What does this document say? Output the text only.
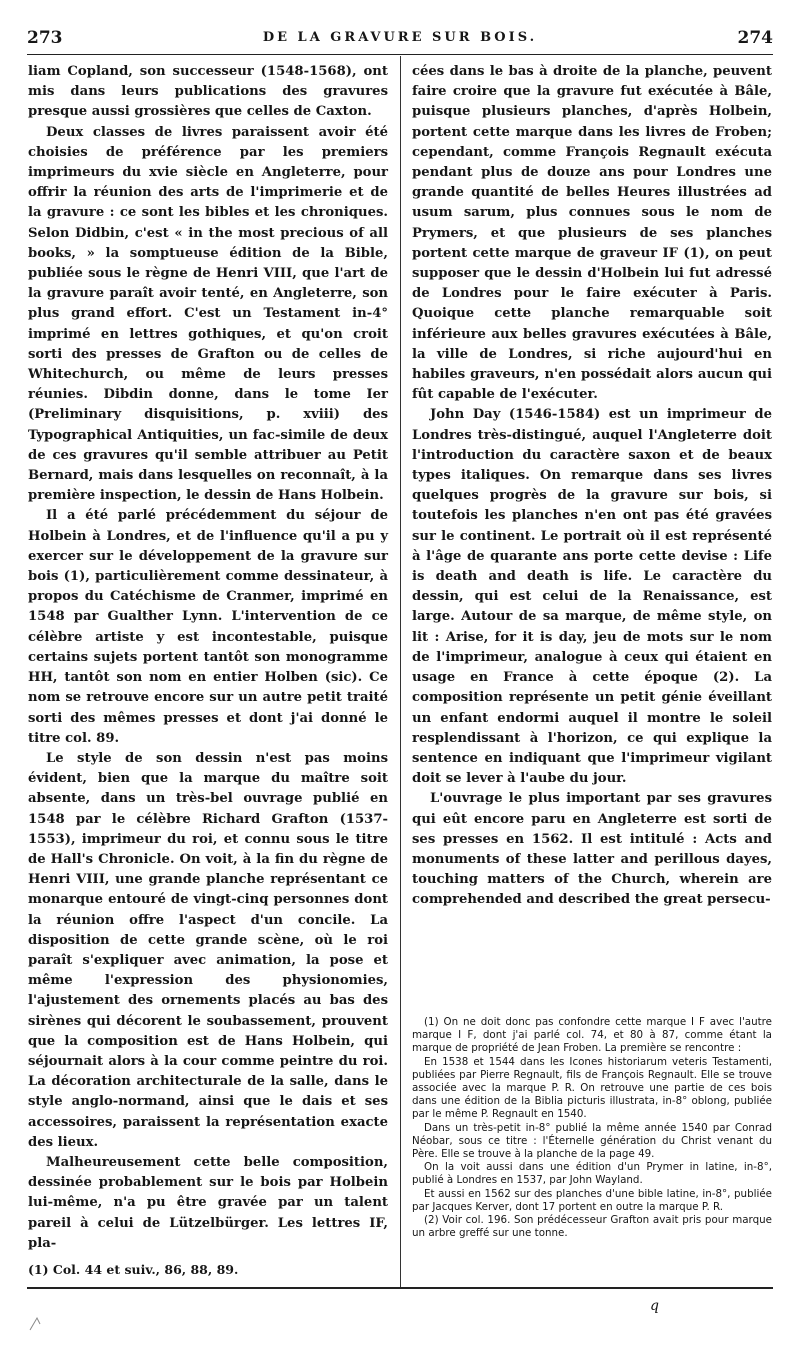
273	DE LA GRAVURE SUR BOIS.	274

liam Copland, son successeur (1548-1568), ont mis dans leurs publications des gravures presque aussi grossières que celles de Caxton.

Deux classes de livres paraissent avoir été choisies de préférence par les premiers imprimeurs du xvie siècle en Angleterre, pour offrir la réunion des arts de l'imprimerie et de la gravure : ce sont les bibles et les chroniques. Selon Didbin, c'est « in the most precious of all books, » la somptueuse édition de la Bible, publiée sous le règne de Henri VIII, que l'art de la gravure paraît avoir tenté, en Angleterre, son plus grand effort. C'est un Testament in-4° imprimé en lettres gothiques, et qu'on croit sorti des presses de Grafton ou de celles de Whitechurch, ou même de leurs presses réunies. Dibdin donne, dans le tome Ier (Preliminary disquisitions, p. xviii) des Typographical Antiquities, un fac-simile de deux de ces gravures qu'il semble attribuer au Petit Bernard, mais dans lesquelles on reconnaît, à la première inspection, le dessin de Hans Holbein.

Il a été parlé précédemment du séjour de Holbein à Londres, et de l'influence qu'il a pu y exercer sur le développement de la gravure sur bois (1), particulièrement comme dessinateur, à propos du Catéchisme de Cranmer, imprimé en 1548 par Gualther Lynn. L'intervention de ce célèbre artiste y est incontestable, puisque certains sujets portent tantôt son monogramme HH, tantôt son nom en entier Holben (sic). Ce nom se retrouve encore sur un autre petit traité sorti des mêmes presses et dont j'ai donné le titre col. 89.

Le style de son dessin n'est pas moins évident, bien que la marque du maître soit absente, dans un très-bel ouvrage publié en 1548 par le célèbre Richard Grafton (1537-1553), imprimeur du roi, et connu sous le titre de Hall's Chronicle. On voit, à la fin du règne de Henri VIII, une grande planche représentant ce monarque entouré de vingt-cinq personnes dont la réunion offre l'aspect d'un concile. La disposition de cette grande scène, où le roi paraît s'expliquer avec animation, la pose et même l'expression des physionomies, l'ajustement des ornements placés au bas des sirènes qui décorent le soubassement, prouvent que la composition est de Hans Holbein, qui séjournait alors à la cour comme peintre du roi. La décoration architecturale de la salle, dans le style anglo-normand, ainsi que le dais et ses accessoires, paraissent la représentation exacte des lieux.

Malheureusement cette belle composition, dessinée probablement sur le bois par Holbein lui-même, n'a pu être gravée par un talent pareil à celui de Lützelbürger. Les lettres IF, pla-

(1) Col. 44 et suiv., 86, 88, 89.

cées dans le bas à droite de la planche, peuvent faire croire que la gravure fut exécutée à Bâle, puisque plusieurs planches, d'après Holbein, portent cette marque dans les livres de Froben; cependant, comme François Regnault exécuta pendant plus de douze ans pour Londres une grande quantité de belles Heures illustrées ad usum sarum, plus connues sous le nom de Prymers, et que plusieurs de ses planches portent cette marque de graveur IF (1), on peut supposer que le dessin d'Holbein lui fut adressé de Londres pour le faire exécuter à Paris. Quoique cette planche remarquable soit inférieure aux belles gravures exécutées à Bâle, la ville de Londres, si riche aujourd'hui en habiles graveurs, n'en possédait alors aucun qui fût capable de l'exécuter.

John Day (1546-1584) est un imprimeur de Londres très-distingué, auquel l'Angleterre doit l'introduction du caractère saxon et de beaux types italiques. On remarque dans ses livres quelques progrès de la gravure sur bois, si toutefois les planches n'en ont pas été gravées sur le continent. Le portrait où il est représenté à l'âge de quarante ans porte cette devise : Life is death and death is life. Le caractère du dessin, qui est celui de la Renaissance, est large. Autour de sa marque, de même style, on lit : Arise, for it is day, jeu de mots sur le nom de l'imprimeur, analogue à ceux qui étaient en usage en France à cette époque (2). La composition représente un petit génie éveillant un enfant endormi auquel il montre le soleil resplendissant à l'horizon, ce qui explique la sentence en indiquant que l'imprimeur vigilant doit se lever à l'aube du jour.

L'ouvrage le plus important par ses gravures qui eût encore paru en Angleterre est sorti de ses presses en 1562. Il est intitulé : Acts and monuments of these latter and perillous dayes, touching matters of the Church, wherein are comprehended and described the great persecu-

(1) On ne doit donc pas confondre cette marque I F avec l'autre marque I F, dont j'ai parlé col. 74, et 80 à 87, comme étant la marque de propriété de Jean Froben. La première se rencontre :

En 1538 et 1544 dans les Icones historiarum veteris Testamenti, publiées par Pierre Regnault, fils de François Regnault. Elle se trouve associée avec la marque P. R. On retrouve une partie de ces bois dans une édition de la Biblia picturis illustrata, in-8° oblong, publiée par le même P. Regnault en 1540.

Dans un très-petit in-8° publié la même année 1540 par Conrad Néobar, sous ce titre : l'Éternelle génération du Christ venant du Père. Elle se trouve à la planche de la page 49.

On la voit aussi dans une édition d'un Prymer in latine, in-8°, publié à Londres en 1537, par John Wayland.

Et aussi en 1562 sur des planches d'une bible latine, in-8°, publiée par Jacques Kerver, dont 17 portent en outre la marque P. R.

(2) Voir col. 196. Son prédécesseur Grafton avait pris pour marque un arbre greffé sur une tonne.

q
